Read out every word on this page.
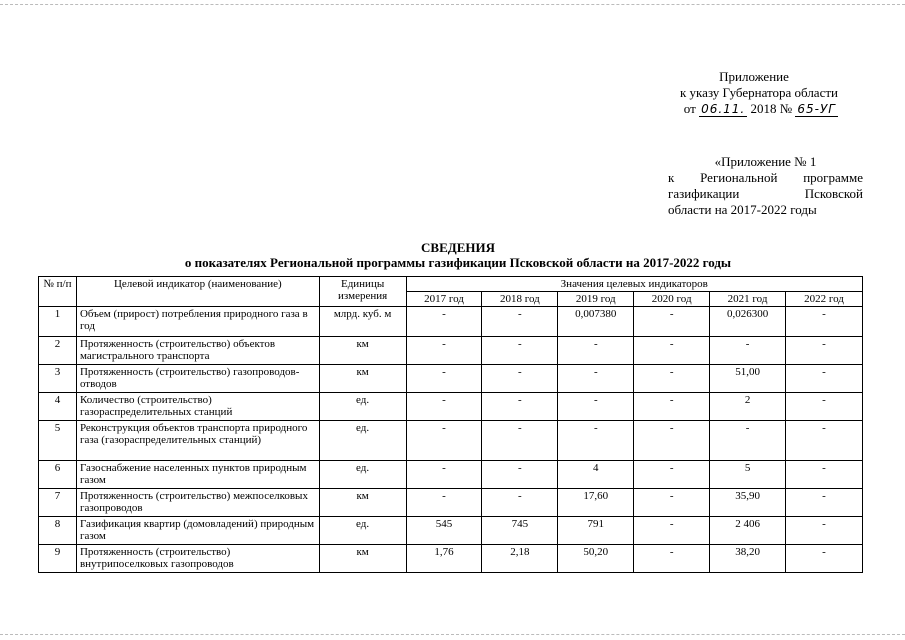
Приложение
к указу Губернатора области
от 06.11. 2018 № 65-УГ
«Приложение № 1
к Региональной программе
газификации	Псковской
области на 2017-2022 годы
СВЕДЕНИЯ
о показателях Региональной программы газификации Псковской области на 2017-2022 годы
№ п/п	Целевой индикатор (наименование)	Единицы измерения	Значения целевых индикаторов					
			2017 год	2018 год	2019 год	2020 год	2021 год	2022 год
1	Объем (прирост) потребления природного газа в год	млрд. куб. м	-	-	0,007380	-	0,026300	-
2	Протяженность (строительство) объектов магистрального транспорта	км	-	-	-	-	-	-
3	Протяженность (строительство) газопроводов-отводов	км	-	-	-	-	51,00	-
4	Количество (строительство) газораспределительных станций	ед.	-	-	-	-	2	-
5	Реконструкция объектов транспорта природного газа (газораспределительных станций)	ед.	-	-	-	-	-	-
6	Газоснабжение населенных пунктов природным газом	ед.	-	-	4	-	5	-
7	Протяженность (строительство) межпоселковых газопроводов	км	-	-	17,60	-	35,90	-
8	Газификация квартир (домовладений) природным газом	ед.	545	745	791	-	2 406	-
9	Протяженность (строительство) внутрипоселковых газопроводов	км	1,76	2,18	50,20	-	38,20	-
